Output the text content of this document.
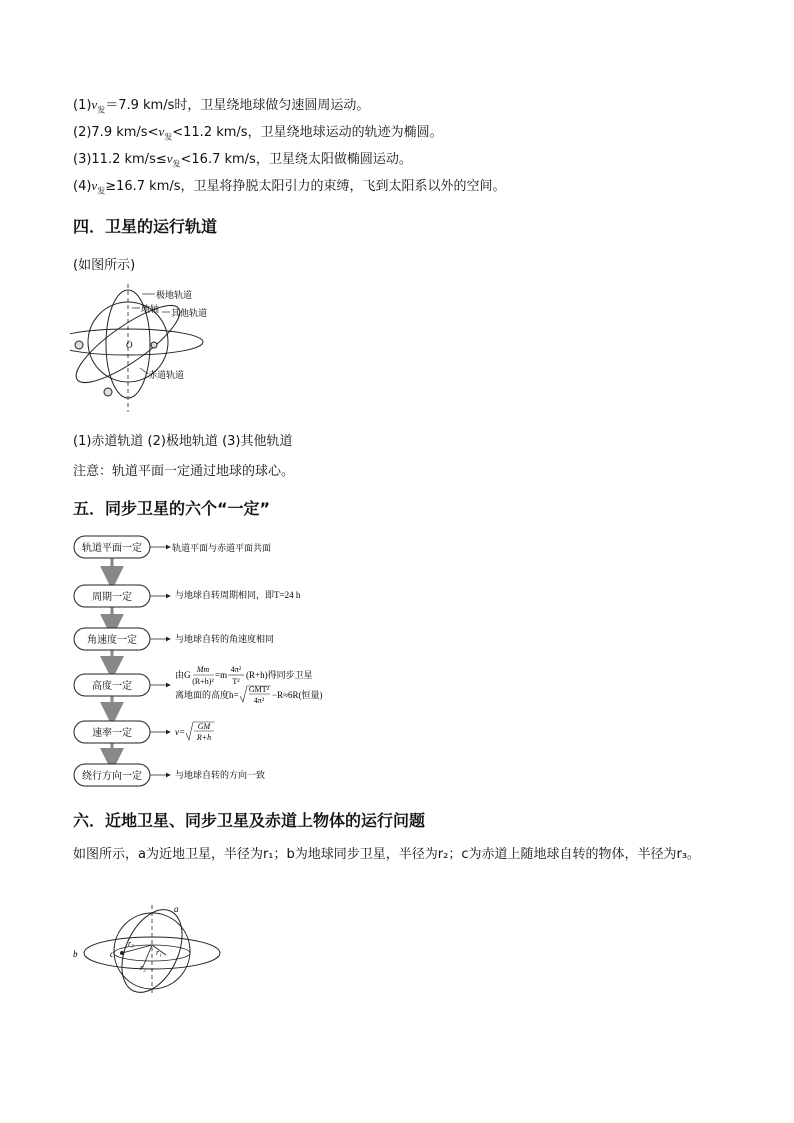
$(1)v_发=7.9$ km/s时，卫星绕地球做匀速圆周运动。
(2)7.9 $km/s<v_发<11.2$ km/s，卫星绕地球运动的轨迹为椭圆。
(3)11.2 $km/s\le v_发<16.7$ km/s，卫星绕太阳做椭圆运动。
$(4)v_发\ge 16.7$ km/s，卫星将挣脱太阳引力的束缚，飞到太阳系以外的空间。
四．卫星的运行轨道
(如图所示)
极地轨道
地轴 其他轨道
O
赤道轨道
(1)赤道轨道 (2)极地轨道 (3)其他轨道
注意：轨道平面一定通过地球的球心。
五．同步卫星的六个“一定”
轨道平面一定
周期一定
角速度一定
高度一定
速率一定
绕行方向一定
轨道平面与赤道平面共面
与地球自转周期相同，即T=24 h
与地球自转的角速度相同
由G
Mm
(R+h)²
=m
4π²
T²
(R+h)得同步卫星
离地面的高度h=
GMT²
4π²
−R≈6R(恒量)
v=
GM
R+h
与地球自转的方向一致
六．近地卫星、同步卫星及赤道上物体的运行问题
如图所示，a为近地卫星，半径为r₁；b为地球同步卫星，半径为r₂；c为赤道上随地球自转的物体，半径为r₃。
a
b	c	r₁
r₂
r₃
